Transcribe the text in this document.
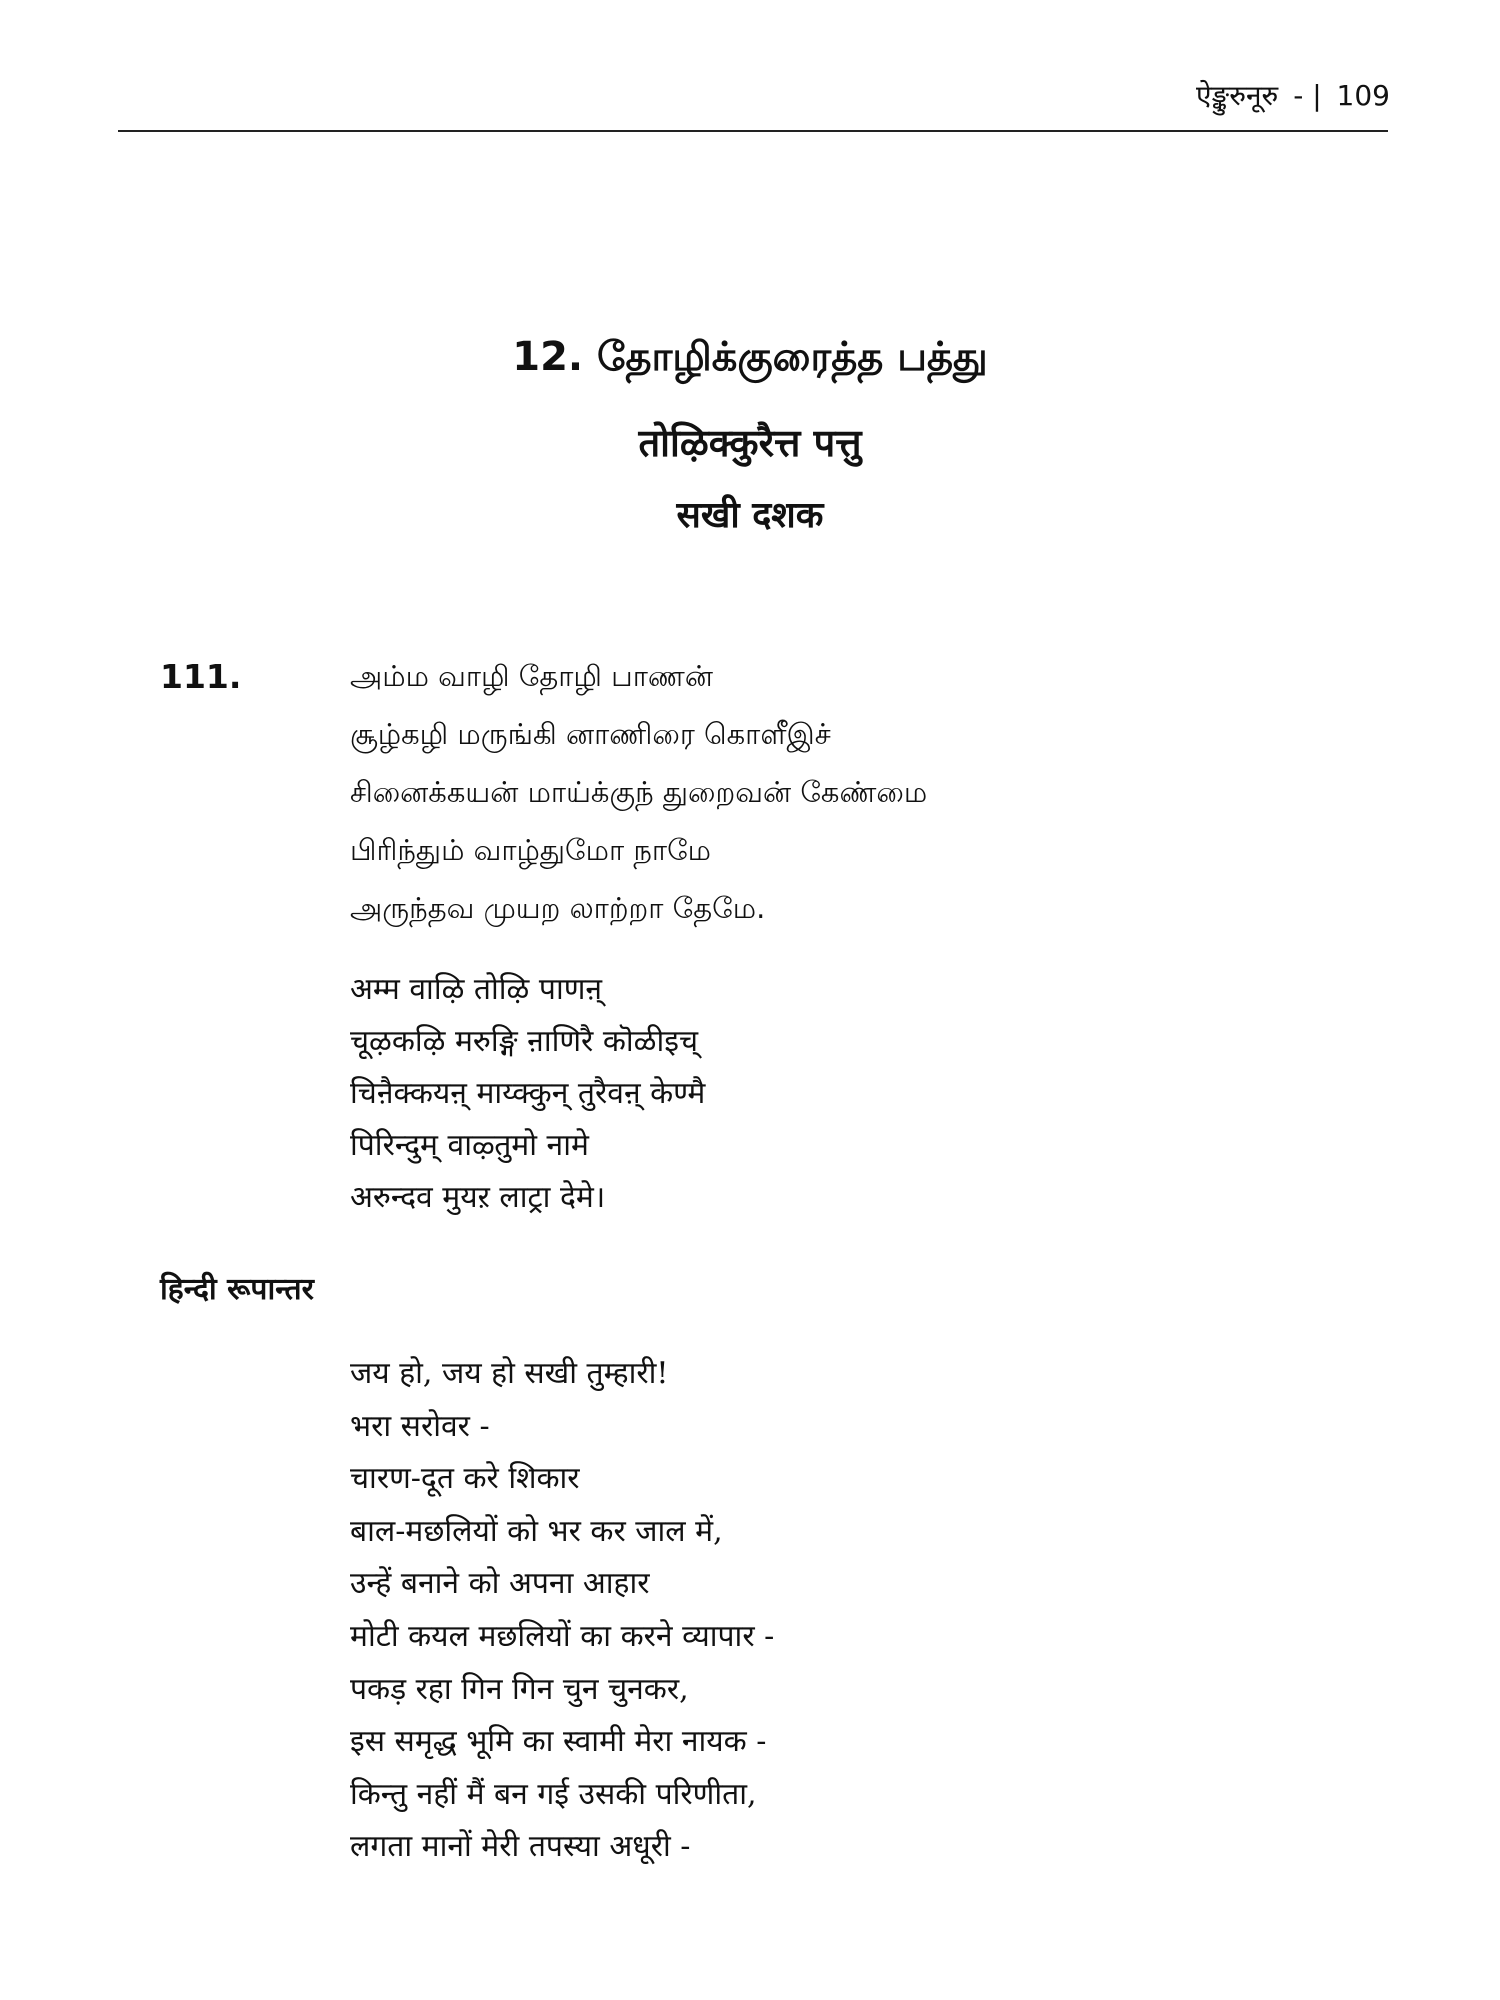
ऐङ्कुरुनूरु - | 109
12. தோழிக்குரைத்த பத்து
तोऴिक्कुरैत्त पत्तु
सखी दशक
111.	அம்ம வாழி தோழி பாணன்
சூழ்கழி மருங்கி னாணிரை கொளீஇச்
சினைக்கயன் மாய்க்குந் துறைவன் கேண்மை
பிரிந்தும் வாழ்துமோ நாமே
அருந்தவ முயற லாற்றா தேமே.
अम्म वाऴि तोऴि पाणऩ्
चूऴकऴि मरुङ्गि ऩाणिरै कॊळीइच्
चिऩैक्कयऩ् माय्क्कुन् तुरैवऩ् केण्मै
पिरिन्दुम् वाऴ्तुमो नामे
अरुन्दव मुयऱ लाट्रा देमे।
हिन्दी रूपान्तर
जय हो, जय हो सखी तुम्हारी!
भरा सरोवर -
चारण-दूत करे शिकार
बाल-मछलियों को भर कर जाल में,
उन्हें बनाने को अपना आहार
मोटी कयल मछलियों का करने व्यापार -
पकड़ रहा गिन गिन चुन चुनकर,
इस समृद्ध भूमि का स्वामी मेरा नायक -
किन्तु नहीं मैं बन गई उसकी परिणीता,
लगता मानों मेरी तपस्या अधूरी -
